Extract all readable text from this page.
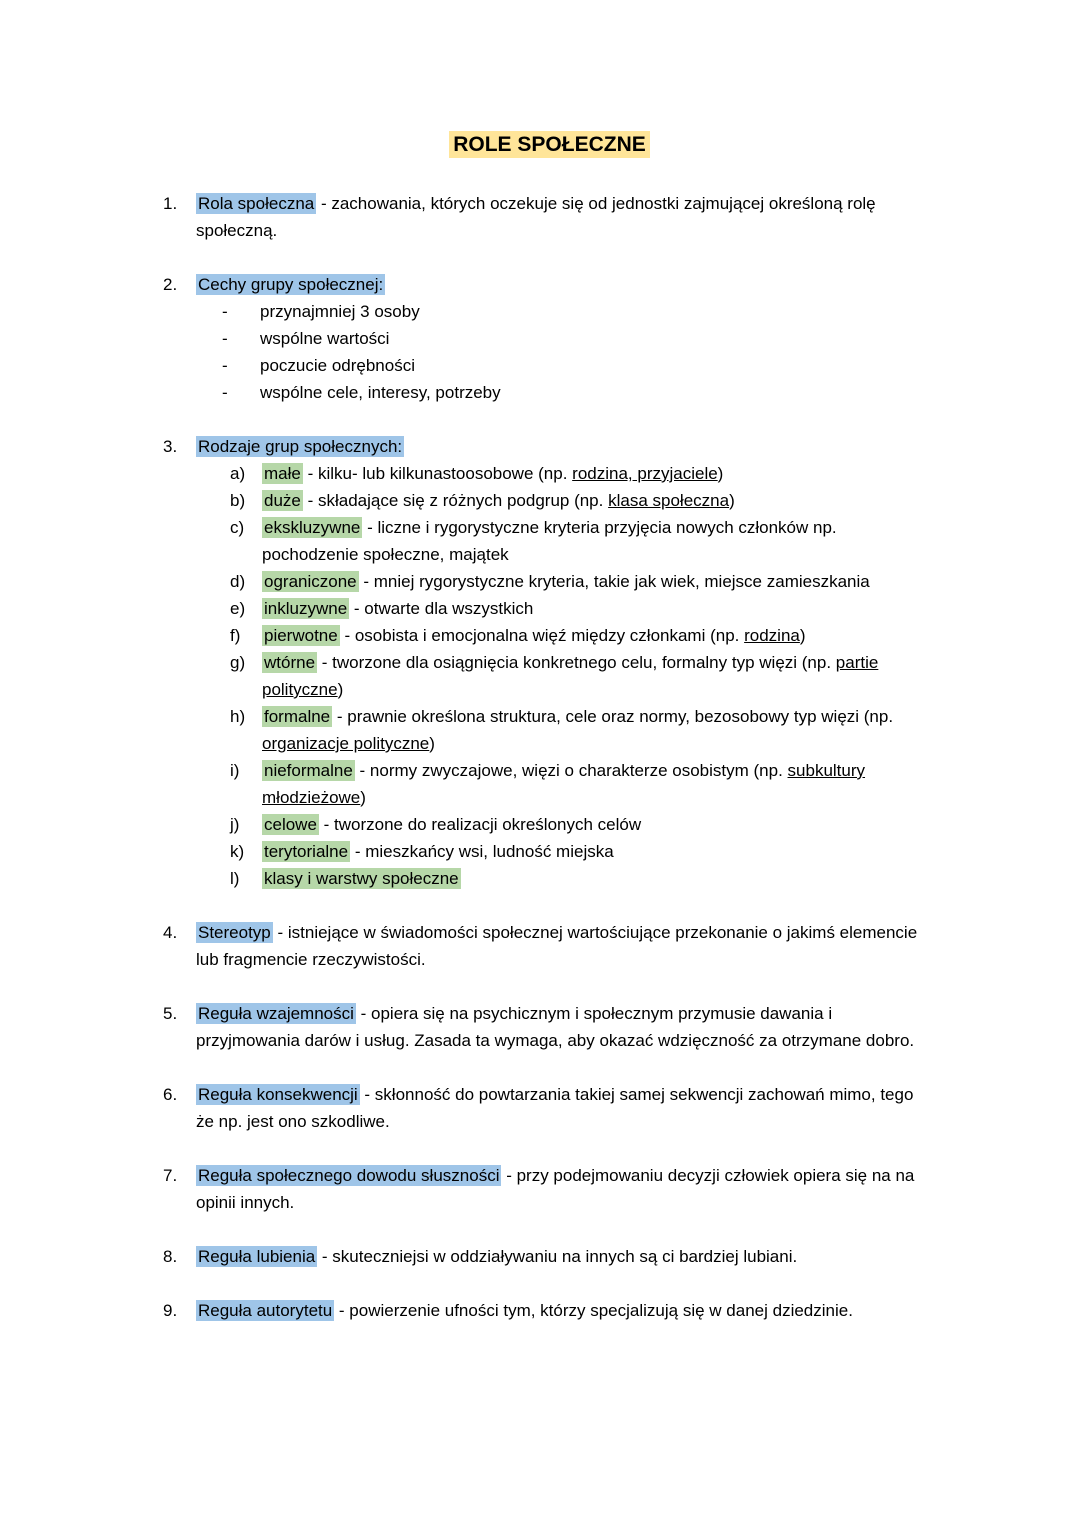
ROLE SPOŁECZNE
1.	Rola społeczna - zachowania, których oczekuje się od jednostki zajmującej określoną rolę społeczną.
2.	Cechy grupy społecznej:
-	przynajmniej 3 osoby
-	wspólne wartości
-	poczucie odrębności
-	wspólne cele, interesy, potrzeby
3.	Rodzaje grup społecznych:
a)	małe - kilku- lub kilkunastoosobowe (np. rodzina, przyjaciele)
b)	duże - składające się z różnych podgrup (np. klasa społeczna)
c)	ekskluzywne - liczne i rygorystyczne kryteria przyjęcia nowych członków np. pochodzenie społeczne, majątek
d)	ograniczone - mniej rygorystyczne kryteria, takie jak wiek, miejsce zamieszkania
e)	inkluzywne - otwarte dla wszystkich
f)	pierwotne - osobista i emocjonalna więź między członkami (np. rodzina)
g)	wtórne - tworzone dla osiągnięcia konkretnego celu, formalny typ więzi (np. partie polityczne)
h)	formalne - prawnie określona struktura, cele oraz normy, bezosobowy typ więzi (np. organizacje polityczne)
i)	nieformalne - normy zwyczajowe, więzi o charakterze osobistym (np. subkultury młodzieżowe)
j)	celowe - tworzone do realizacji określonych celów
k)	terytorialne - mieszkańcy wsi, ludność miejska
l)	klasy i warstwy społeczne
4.	Stereotyp - istniejące w świadomości społecznej wartościujące przekonanie o jakimś elemencie lub fragmencie rzeczywistości.
5.	Reguła wzajemności - opiera się na psychicznym i społecznym przymusie dawania i przyjmowania darów i usług. Zasada ta wymaga, aby okazać wdzięczność za otrzymane dobro.
6.	Reguła konsekwencji - skłonność do powtarzania takiej samej sekwencji zachowań mimo, tego że np. jest ono szkodliwe.
7.	Reguła społecznego dowodu słuszności - przy podejmowaniu decyzji człowiek opiera się na na opinii innych.
8.	Reguła lubienia - skuteczniejsi w oddziaływaniu na innych są ci bardziej lubiani.
9.	Reguła autorytetu - powierzenie ufności tym, którzy specjalizują się w danej dziedzinie.
